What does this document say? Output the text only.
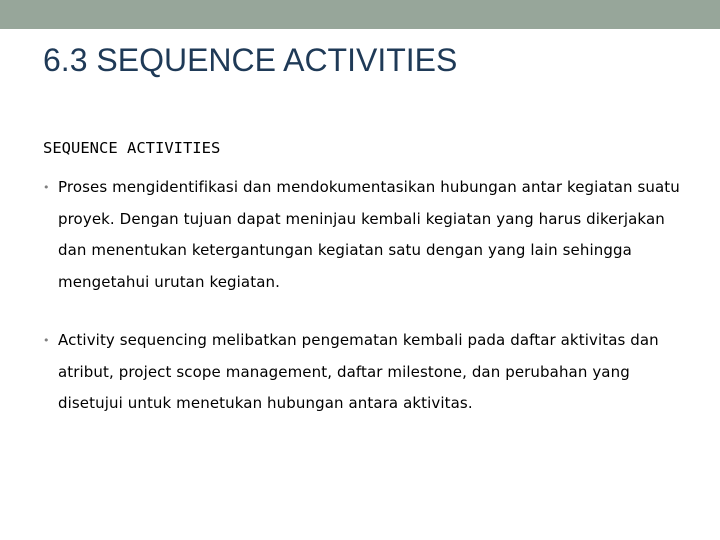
6.3 SEQUENCE ACTIVITIES
SEQUENCE ACTIVITIES
• Proses mengidentifikasi dan mendokumentasikan hubungan antar kegiatan suatu proyek. Dengan tujuan dapat meninjau kembali kegiatan yang harus dikerjakan dan menentukan ketergantungan kegiatan satu dengan yang lain sehingga mengetahui urutan kegiatan.
• Activity sequencing melibatkan pengematan kembali pada daftar aktivitas dan atribut, project scope management, daftar milestone, dan perubahan yang disetujui untuk menetukan hubungan antara aktivitas.
